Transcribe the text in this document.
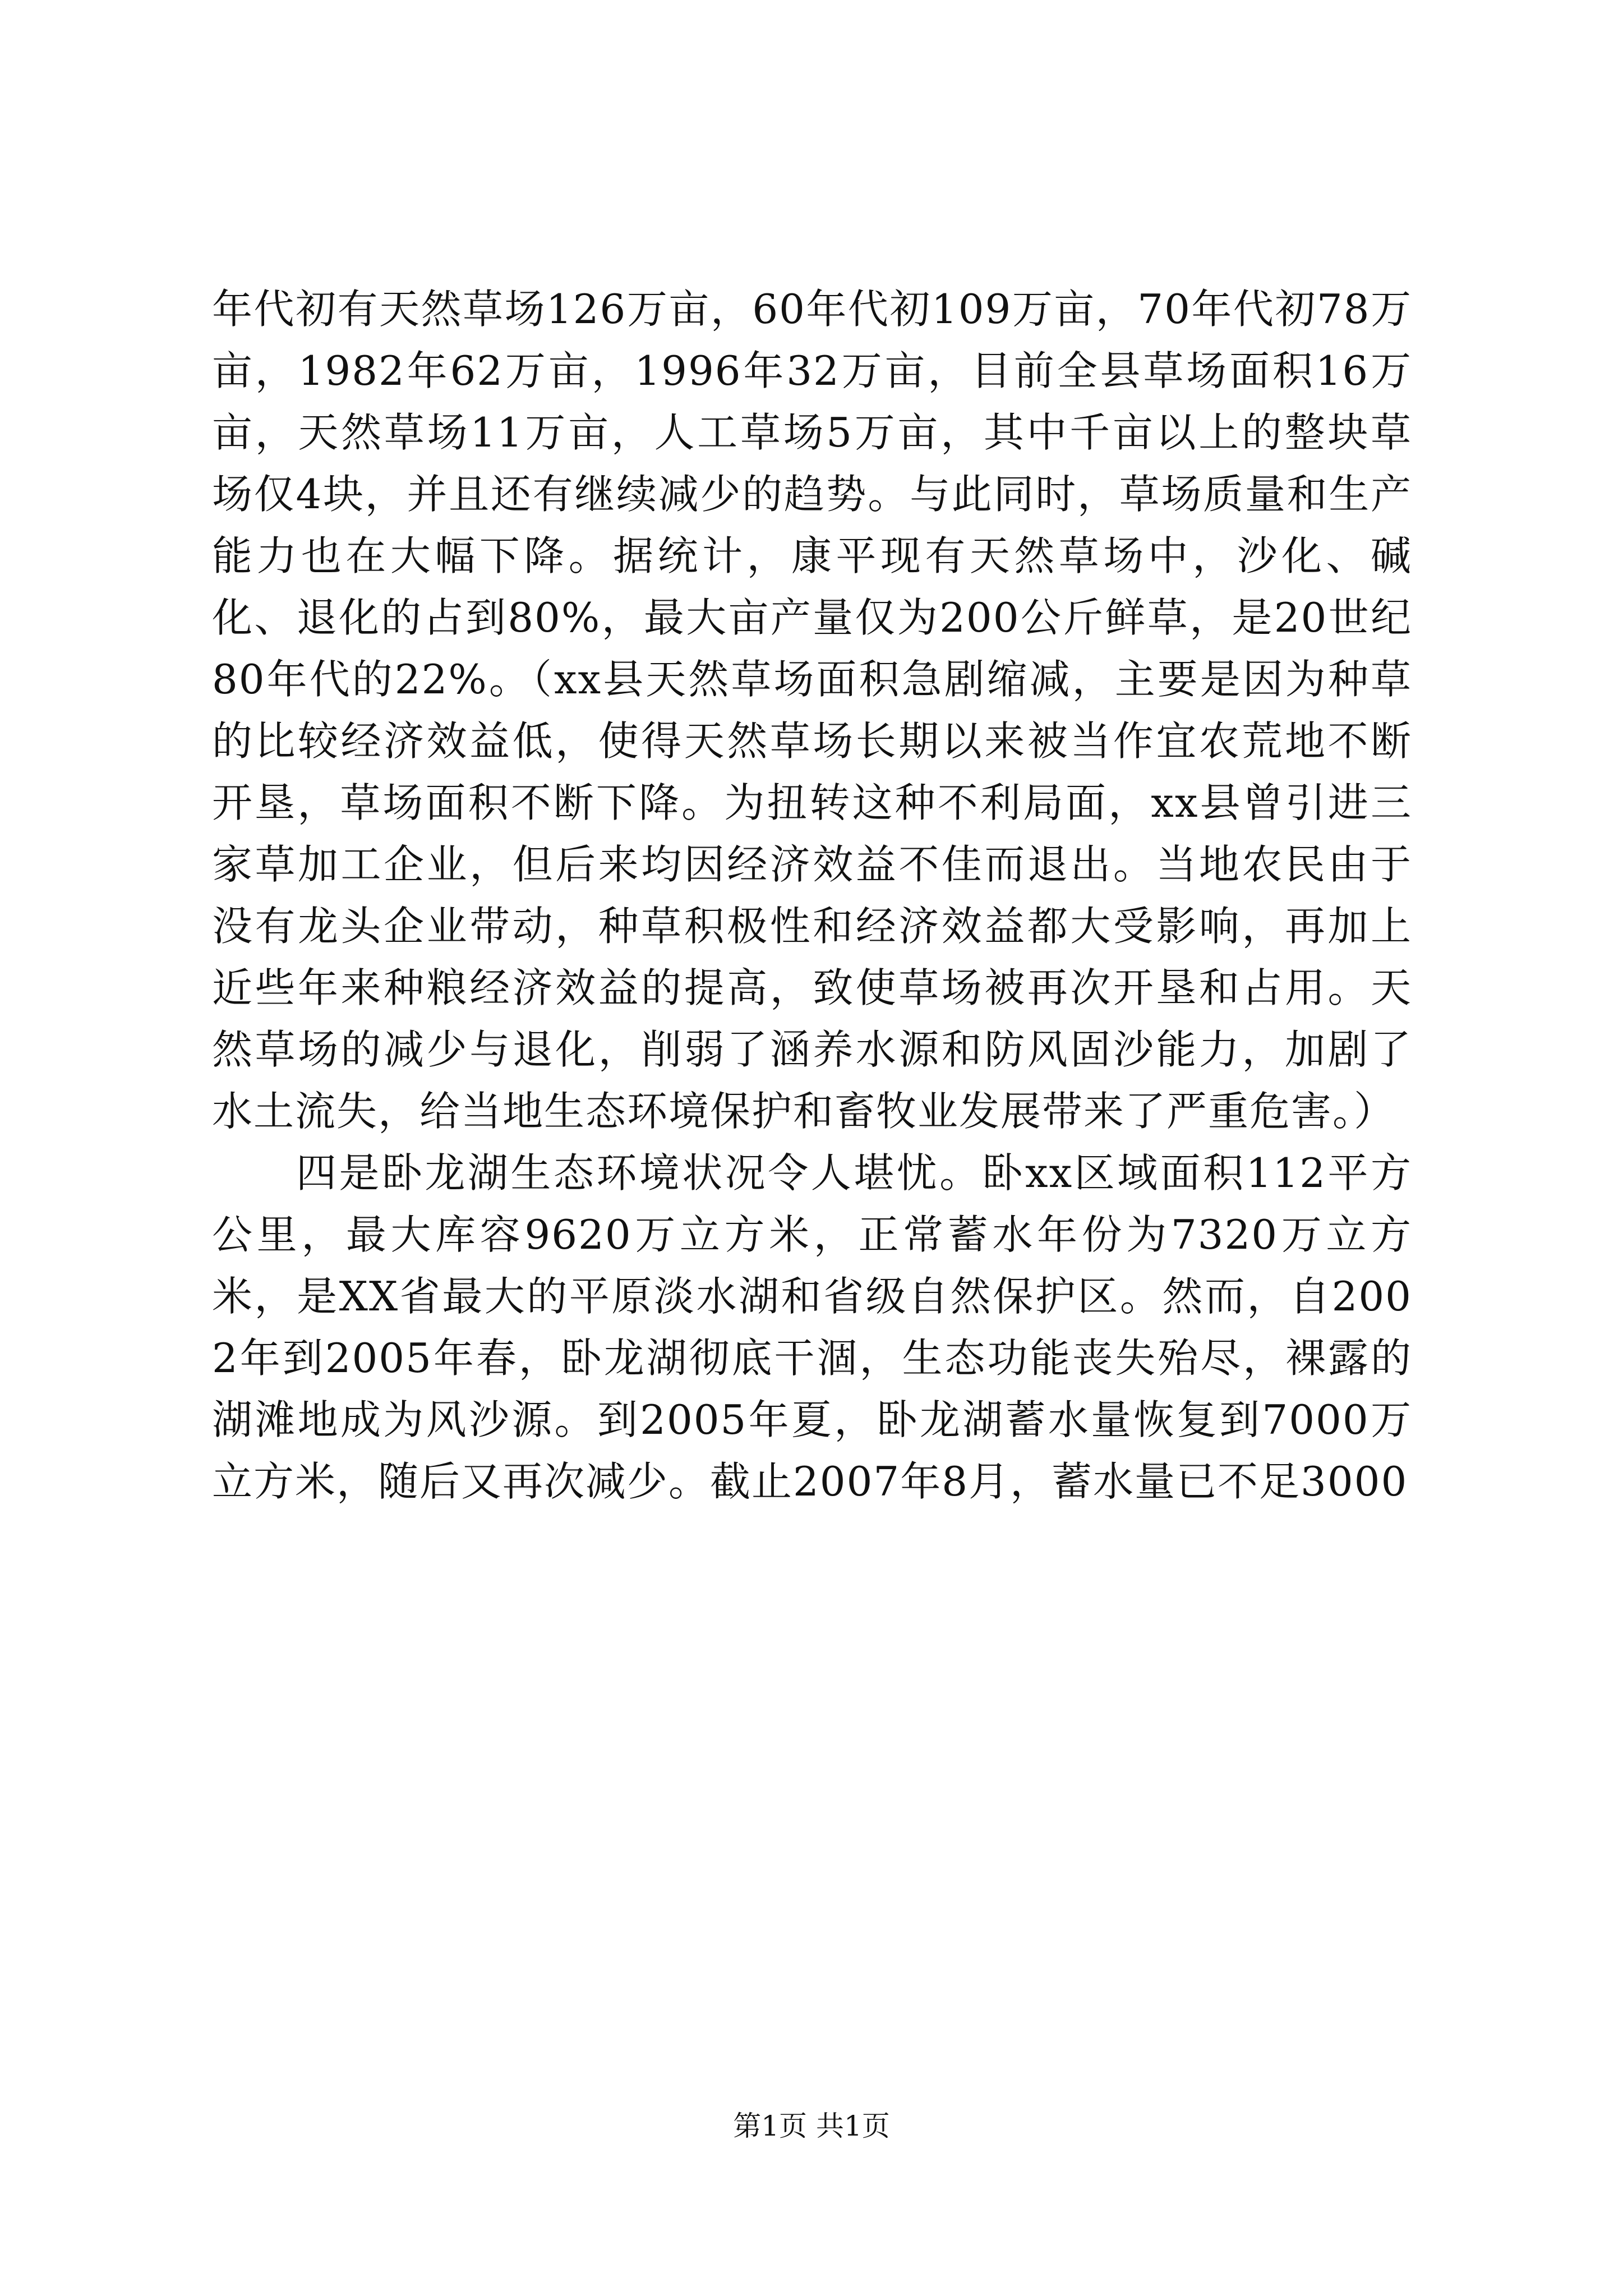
年代初有天然草场126万亩，60年代初109万亩，70年代初78万亩，1982年62万亩，1996年32万亩，目前全县草场面积16万亩，天然草场11万亩，人工草场5万亩，其中千亩以上的整块草场仅4块，并且还有继续减少的趋势。与此同时，草场质量和生产能力也在大幅下降。据统计，康平现有天然草场中，沙化、碱化、退化的占到80%，最大亩产量仅为200公斤鲜草，是20世纪80年代的22%。（xx县天然草场面积急剧缩减，主要是因为种草的比较经济效益低，使得天然草场长期以来被当作宜农荒地不断开垦，草场面积不断下降。为扭转这种不利局面，xx县曾引进三家草加工企业，但后来均因经济效益不佳而退出。当地农民由于没有龙头企业带动，种草积极性和经济效益都大受影响，再加上近些年来种粮经济效益的提高，致使草场被再次开垦和占用。天然草场的减少与退化，削弱了涵养水源和防风固沙能力，加剧了水土流失，给当地生态环境保护和畜牧业发展带来了严重危害。）

四是卧龙湖生态环境状况令人堪忧。卧xx区域面积112平方公里，最大库容9620万立方米，正常蓄水年份为7320万立方米，是XX省最大的平原淡水湖和省级自然保护区。然而，自2002年到2005年春，卧龙湖彻底干涸，生态功能丧失殆尽，裸露的湖滩地成为风沙源。到2005年夏，卧龙湖蓄水量恢复到7000万立方米，随后又再次减少。截止2007年8月，蓄水量已不足3000

第1页 共1页
